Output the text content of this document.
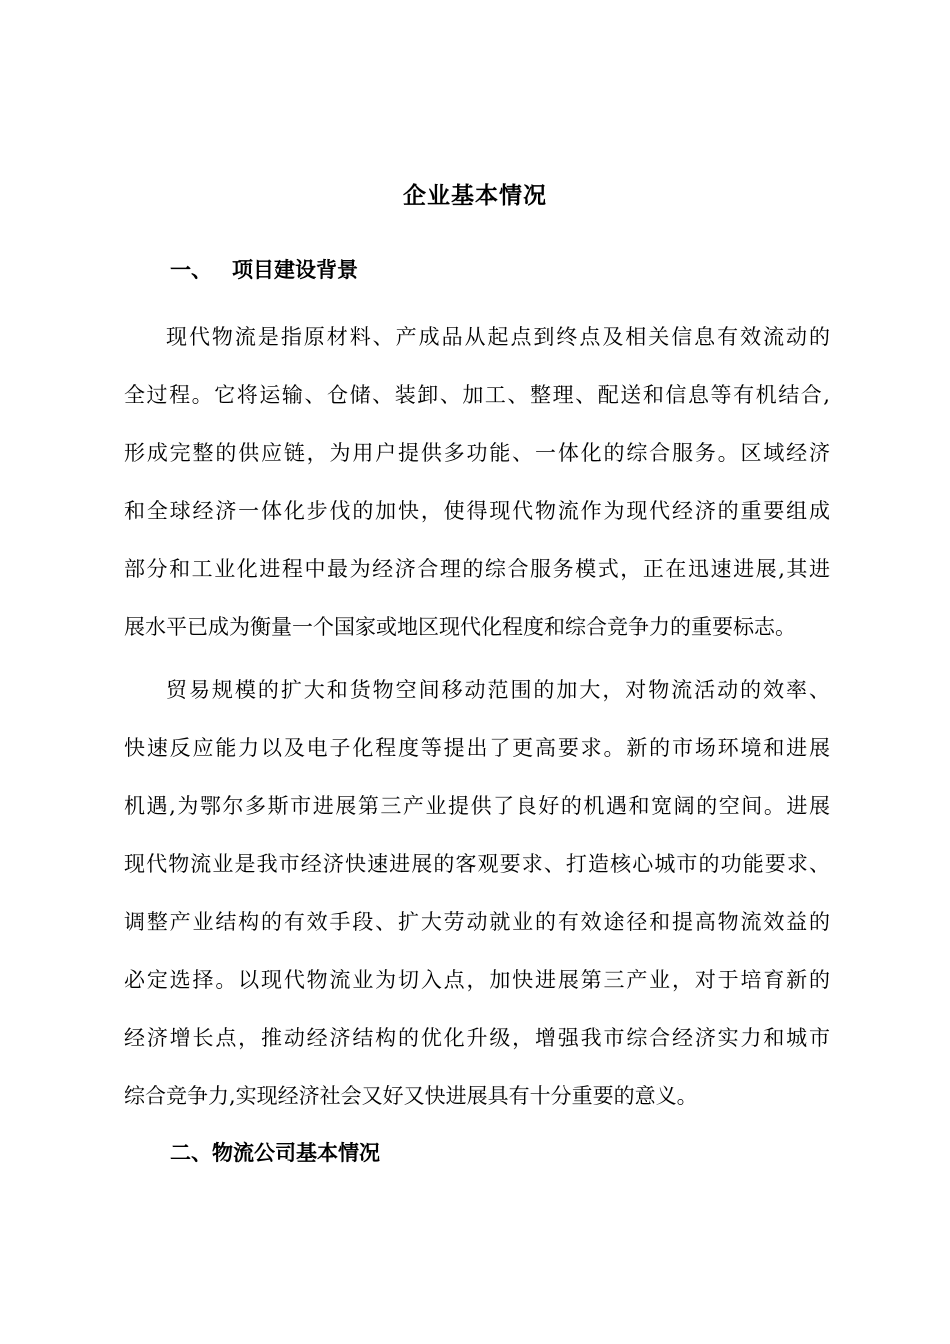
企业基本情况
一、 项目建设背景
现代物流是指原材料、产成品从起点到终点及相关信息有效流动的
全过程。它将运输、仓储、装卸、加工、整理、配送和信息等有机结合,
形成完整的供应链，为用户提供多功能、一体化的综合服务。区域经济
和全球经济一体化步伐的加快，使得现代物流作为现代经济的重要组成
部分和工业化进程中最为经济合理的综合服务模式，正在迅速进展,其进
展水平已成为衡量一个国家或地区现代化程度和综合竞争力的重要标志。
贸易规模的扩大和货物空间移动范围的加大，对物流活动的效率、
快速反应能力以及电子化程度等提出了更高要求。新的市场环境和进展
机遇,为鄂尔多斯市进展第三产业提供了良好的机遇和宽阔的空间。进展
现代物流业是我市经济快速进展的客观要求、打造核心城市的功能要求、
调整产业结构的有效手段、扩大劳动就业的有效途径和提高物流效益的
必定选择。以现代物流业为切入点，加快进展第三产业，对于培育新的
经济增长点，推动经济结构的优化升级，增强我市综合经济实力和城市
综合竞争力,实现经济社会又好又快进展具有十分重要的意义。
二、物流公司基本情况
